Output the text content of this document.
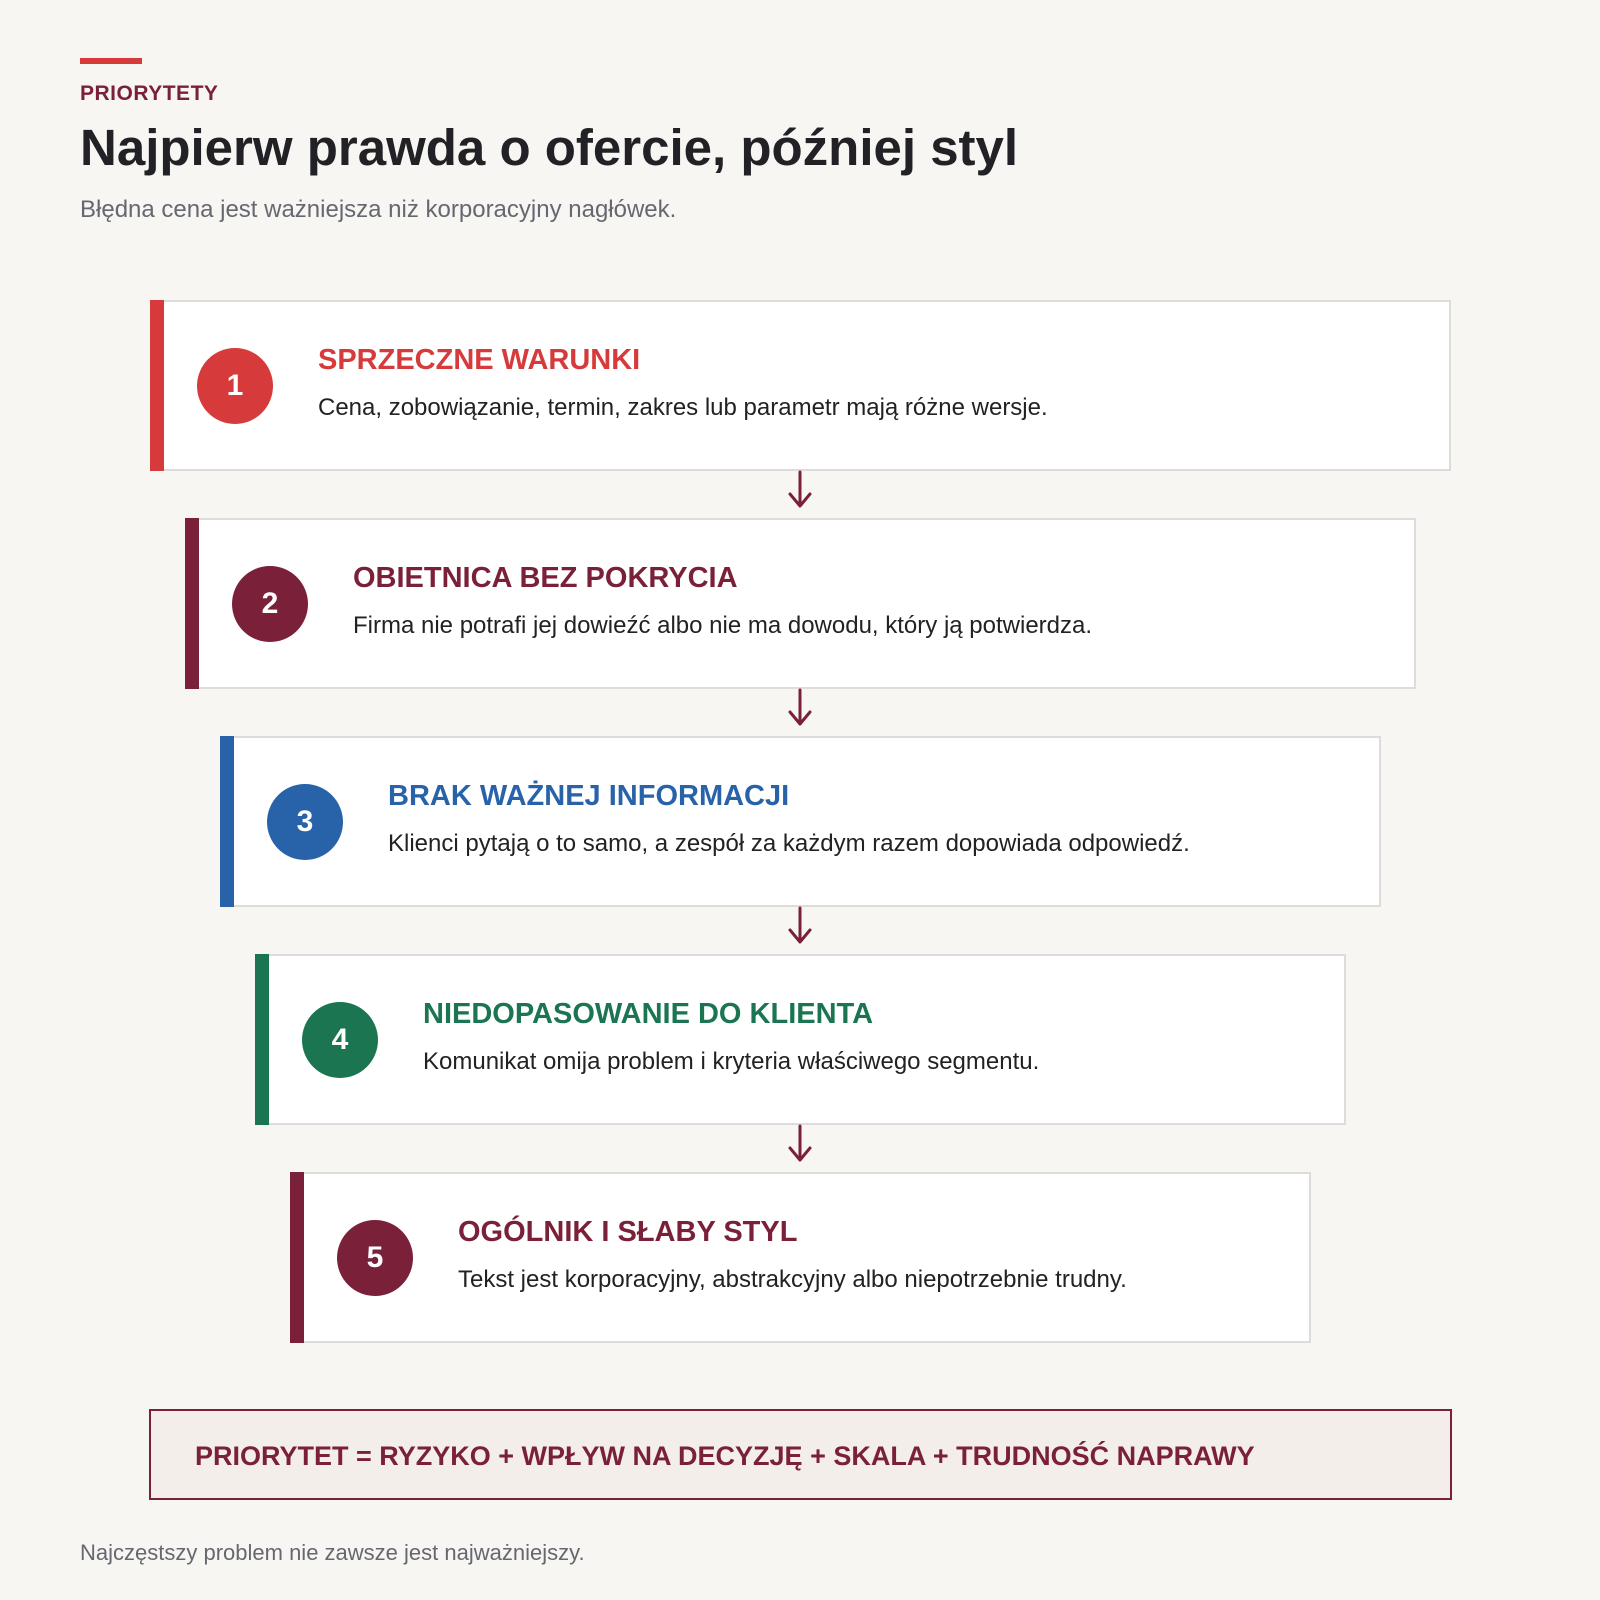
PRIORYTETY
Najpierw prawda o ofercie, później styl
Błędna cena jest ważniejsza niż korporacyjny nagłówek.
1
SPRZECZNE WARUNKI
Cena, zobowiązanie, termin, zakres lub parametr mają różne wersje.
2
OBIETNICA BEZ POKRYCIA
Firma nie potrafi jej dowieźć albo nie ma dowodu, który ją potwierdza.
3
BRAK WAŻNEJ INFORMACJI
Klienci pytają o to samo, a zespół za każdym razem dopowiada odpowiedź.
4
NIEDOPASOWANIE DO KLIENTA
Komunikat omija problem i kryteria właściwego segmentu.
5
OGÓLNIK I SŁABY STYL
Tekst jest korporacyjny, abstrakcyjny albo niepotrzebnie trudny.
PRIORYTET = RYZYKO + WPŁYW NA DECYZJĘ + SKALA + TRUDNOŚĆ NAPRAWY
Najczęstszy problem nie zawsze jest najważniejszy.
